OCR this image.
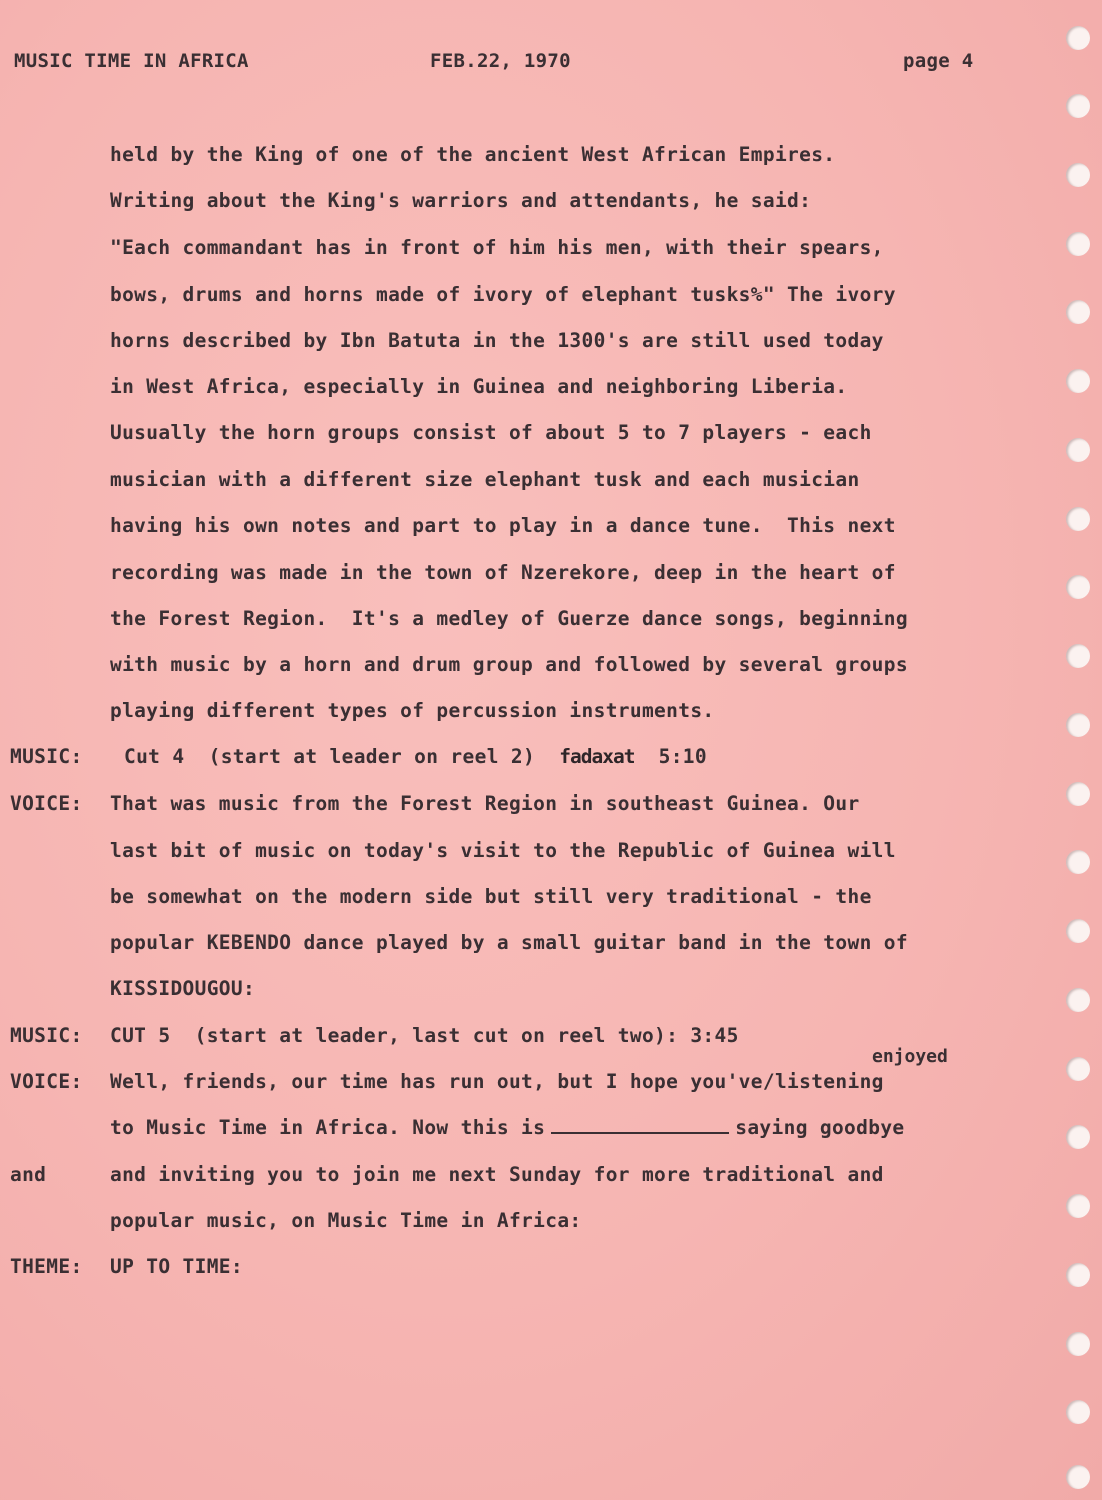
MUSIC TIME IN AFRICA	FEB.22, 1970	page 4
held by the King of one of the ancient West African Empires.
Writing about the King's warriors and attendants, he said:
"Each commandant has in front of him his men, with their spears,
bows, drums and horns made of ivory of elephant tusks%" The ivory
horns described by Ibn Batuta in the 1300's are still used today
in West Africa, especially in Guinea and neighboring Liberia.
Uusually the horn groups consist of about 5 to 7 players - each
musician with a different size elephant tusk and each musician
having his own notes and part to play in a dance tune.  This next
recording was made in the town of Nzerekore, deep in the heart of
the Forest Region.  It's a medley of Guerze dance songs, beginning
with music by a horn and drum group and followed by several groups
playing different types of percussion instruments.
MUSIC: Cut 4  (start at leader on reel 2) fadaxat 5:10
VOICE: That was music from the Forest Region in southeast Guinea. Our
last bit of music on today's visit to the Republic of Guinea will
be somewhat on the modern side but still very traditional - the
popular KEBENDO dance played by a small guitar band in the town of
KISSIDOUGOU:
MUSIC: CUT 5  (start at leader, last cut on reel two): 3:45
enjoyed
VOICE: Well, friends, our time has run out, but I hope you've/listening
to Music Time in Africa. Now this is	saying goodbye
and	and inviting you to join me next Sunday for more traditional and
popular music, on Music Time in Africa:
THEME: UP TO TIME:
